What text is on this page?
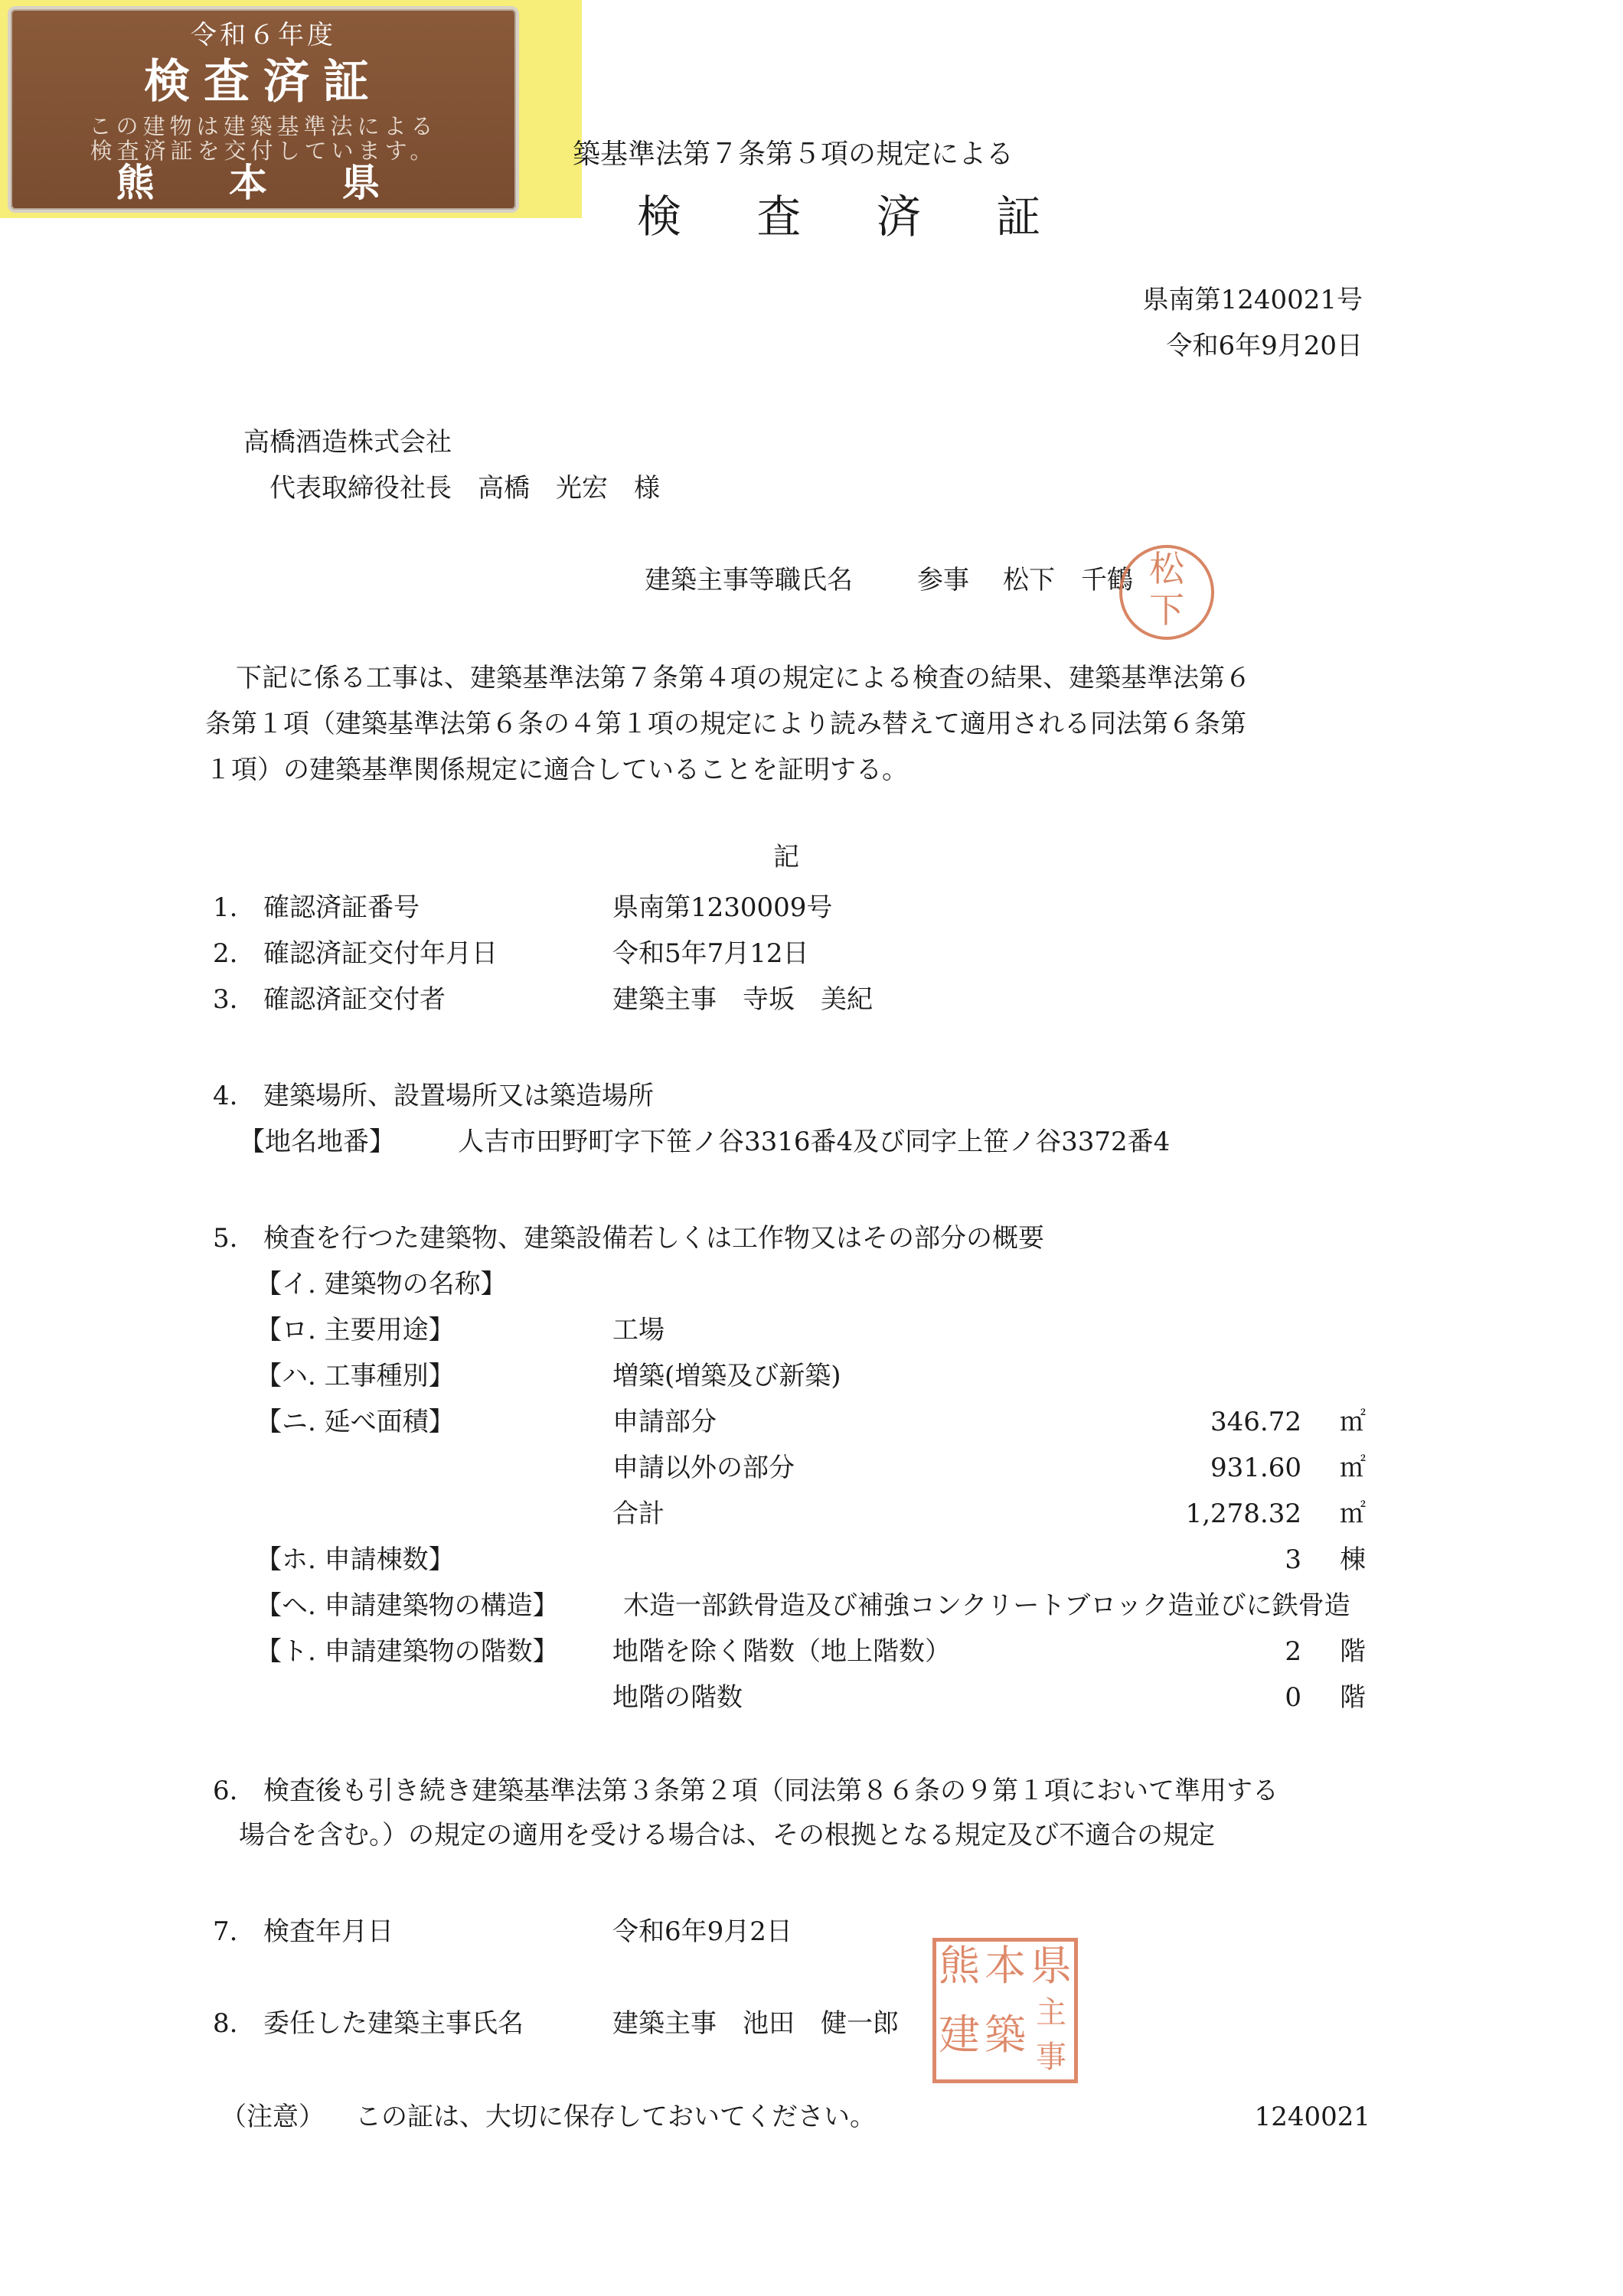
令和６年度
検査済証
この建物は建築基準法による
検査済証を交付しています。
熊 本 県
築基準法第７条第５項の規定による
検 査 済 証
県南第1240021号
令和6年9月20日
高橋酒造株式会社
代表取締役社長　高橋　光宏　様
建築主事等職氏名 参事 松下　千鶴 松
下
下記に係る工事は、建築基準法第７条第４項の規定による検査の結果、建築基準法第６
条第１項（建築基準法第６条の４第１項の規定により読み替えて適用される同法第６条第
１項）の建築基準関係規定に適合していることを証明する。
記
1. 確認済証番号	県南第1230009号
2. 確認済証交付年月日	令和5年7月12日
3. 確認済証交付者	建築主事　寺坂　美紀
4. 建築場所、設置場所又は築造場所
【地名地番】 人吉市田野町字下笹ノ谷3316番4及び同字上笹ノ谷3372番4
5. 検査を行つた建築物、建築設備若しくは工作物又はその部分の概要
【イ. 建築物の名称】
【ロ. 主要用途】	工場
【ハ. 工事種別】	増築(増築及び新築)
【ニ. 延べ面積】	申請部分	346.72 ㎡
申請以外の部分	931.60 ㎡
合計	1,278.32 ㎡
【ホ. 申請棟数】	3 棟
【ヘ. 申請建築物の構造】 木造一部鉄骨造及び補強コンクリートブロック造並びに鉄骨造
【ト. 申請建築物の階数】 地階を除く階数（地上階数）	2 階
地階の階数	0 階
6. 検査後も引き続き建築基準法第３条第２項（同法第８６条の９第１項において準用する
場合を含む。）の規定の適用を受ける場合は、その根拠となる規定及び不適合の規定
7. 検査年月日	令和6年9月2日
8. 委任した建築主事氏名	建築主事　池田　健一郎
熊 本 県
建 築 主事
（注意） この証は、大切に保存しておいてください。	1240021
